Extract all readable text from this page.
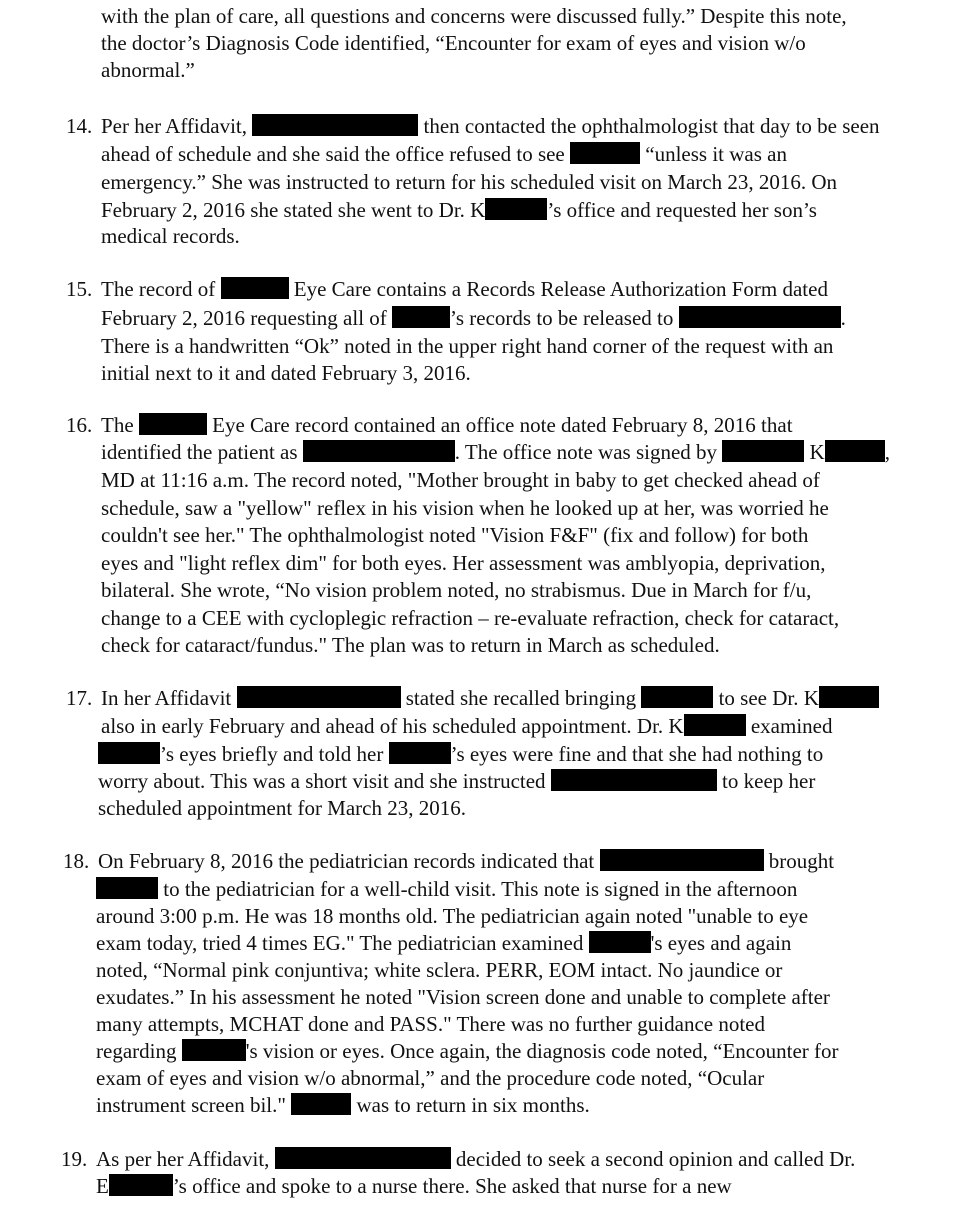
with the plan of care, all questions and concerns were discussed fully.” Despite this note,
the doctor’s Diagnosis Code identified, “Encounter for exam of eyes and vision w/o
abnormal.”
14. Per her Affidavit,	then contacted the ophthalmologist that day to be seen
ahead of schedule and she said the office refused to see	“unless it was an
emergency.” She was instructed to return for his scheduled visit on March 23, 2016. On
February 2, 2016 she stated she went to Dr. K	’s office and requested her son’s
medical records.
15. The record of	Eye Care contains a Records Release Authorization Form dated
February 2, 2016 requesting all of	’s records to be released to	.
There is a handwritten “Ok” noted in the upper right hand corner of the request with an
initial next to it and dated February 3, 2016.
16. The	Eye Care record contained an office note dated February 8, 2016 that
identified the patient as	. The office note was signed by	K	,
MD at 11:16 a.m. The record noted, "Mother brought in baby to get checked ahead of
schedule, saw a "yellow" reflex in his vision when he looked up at her, was worried he
couldn't see her." The ophthalmologist noted "Vision F&F" (fix and follow) for both
eyes and "light reflex dim" for both eyes. Her assessment was amblyopia, deprivation,
bilateral. She wrote, “No vision problem noted, no strabismus. Due in March for f/u,
change to a CEE with cycloplegic refraction – re-evaluate refraction, check for cataract,
check for cataract/fundus." The plan was to return in March as scheduled.
17. In her Affidavit	stated she recalled bringing	to see Dr. K
also in early February and ahead of his scheduled appointment. Dr. K	examined
’s eyes briefly and told her	’s eyes were fine and that she had nothing to
worry about. This was a short visit and she instructed	to keep her
scheduled appointment for March 23, 2016.
18. On February 8, 2016 the pediatrician records indicated that	brought
to the pediatrician for a well-child visit. This note is signed in the afternoon
around 3:00 p.m. He was 18 months old. The pediatrician again noted "unable to eye
exam today, tried 4 times EG." The pediatrician examined	's eyes and again
noted, “Normal pink conjuntiva; white sclera. PERR, EOM intact. No jaundice or
exudates.” In his assessment he noted "Vision screen done and unable to complete after
many attempts, MCHAT done and PASS." There was no further guidance noted
regarding	's vision or eyes. Once again, the diagnosis code noted, “Encounter for
exam of eyes and vision w/o abnormal,” and the procedure code noted, “Ocular
instrument screen bil."	was to return in six months.
19. As per her Affidavit,	decided to seek a second opinion and called Dr.
E	’s office and spoke to a nurse there. She asked that nurse for a new
